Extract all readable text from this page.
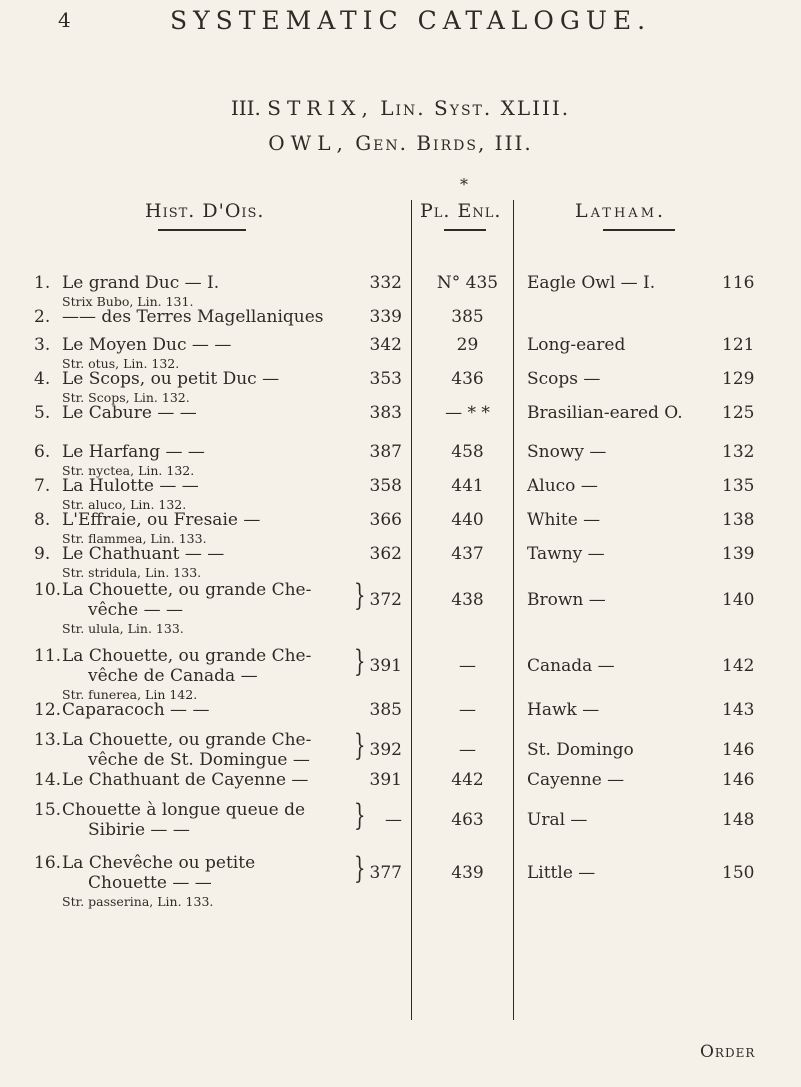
4	SYSTEMATIC CATALOGUE.
III. STRIX, Lin. Syst. XLIII.
OWL, Gen. Birds, III.
*
Hist. D'Ois.	Pl. Enl.	Latham.
1. Le grand Duc — I.
Strix Bubo, Lin. 131.
332	N° 435	Eagle Owl — I.	116
2. —— des Terres Magellaniques	339	385
3. Le Moyen Duc — —
Str. otus, Lin. 132.
342	29	Long-eared	121
4. Le Scops, ou petit Duc —
Str. Scops, Lin. 132.
353	436	Scops —	129
5. Le Cabure — —	383	— * *	Brasilian-eared O. 125
6. Le Harfang — —
Str. nyctea, Lin. 132.
387	458	Snowy —	132
7. La Hulotte — —
Str. aluco, Lin. 132.
358	441	Aluco —	135
8. L'Effraie, ou Fresaie —
Str. flammea, Lin. 133.
366	440	White —	138
9. Le Chathuant — —
Str. stridula, Lin. 133.
362	437	Tawny —	139
10. La Chouette, ou grande Che-
vêche — —	}
Str. ulula, Lin. 133.
372	438	Brown —	140
11. La Chouette, ou grande Che-
vêche de Canada —	}
Str. funerea, Lin 142.
391	—	Canada —	142
12. Caparacoch — —	385	—	Hawk —	143
13. La Chouette, ou grande Che-
vêche de St. Domingue — } 392	—	St. Domingo	146
14. Le Chathuant de Cayenne —	391	442	Cayenne —	146
15. Chouette à longue queue de
Sibirie — —	}	—	463	Ural —	148
16. La Chevêche ou petite
Chouette — —	}
Str. passerina, Lin. 133.
377	439	Little —	150
Order
